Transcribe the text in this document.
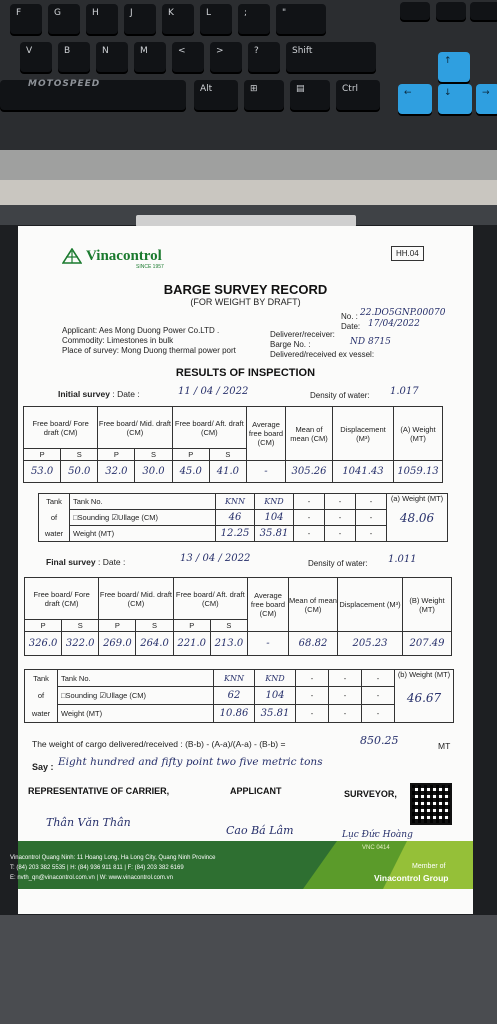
F	G	H	J	K	L	;	"
V	B	N	M	<	>	?	Shift
↑
MOTOSPEED	Alt	⊞	▤	Ctrl	←	↓	→
Vinacontrol
SINCE 1957
HH.04
BARGE SURVEY RECORD
(FOR WEIGHT BY DRAFT)
No. : 22.DO5GNP.00070
Date: 17/04/2022
Applicant: Aes Mong Duong Power Co.LTD .
Commodity: Limestones in bulk
Place of survey: Mong Duong thermal power port
Deliverer/receiver:
Barge No. :	ND 8715
Delivered/received ex vessel:
RESULTS OF INSPECTION
Initial survey : Date :	11 / 04 / 2022	Density of water: 1.017
Free board/ Fore draft (CM)		Free board/ Mid. draft (CM)		Free board/ Aft. draft (CM)		Average free board (CM)	Mean of mean (CM)	Displacement (M³)	(A) Weight (MT)
P	S	P	S	P	S				
53.0	50.0	32.0	30.0	45.0	41.0	-	305.26	1041.43	1059.13
Tank	Tank No.	KNN	KND	-	-	-	(a) Weight (MT)
48.06

of	□Sounding ☑Ullage (CM)	46	104	-	-	-	
water	Weight (MT)	12.25	35.81	-	-	-	
Final survey : Date :	13 / 04 / 2022	Density of water: 1.011
Free board/ Fore draft (CM)		Free board/ Mid. draft (CM)		Free board/ Aft. draft (CM)		Average free board (CM)	Mean of mean (CM)	Displacement (M³)	(B) Weight (MT)
P	S	P	S	P	S				
326.0	322.0	269.0	264.0	221.0	213.0	-	68.82	205.23	207.49
Tank	Tank No.	KNN	KND	-	-	-	(b) Weight (MT)
46.67

of	□Sounding ☑Ullage (CM)	62	104	-	-	-	
water	Weight (MT)	10.86	35.81	-	-	-	
The weight of cargo delivered/received : (B-b) - (A-a)/(A-a) - (B-b) =	850.25	MT
Say : Eight hundred and fifty point two five metric tons
REPRESENTATIVE OF CARRIER,	APPLICANT	SURVEYOR,
Thân Văn Thân
Cao Bá Lâm	Lục Đức Hoàng
Vinacontrol Quang Ninh: 11 Hoang Long, Ha Long City, Quang Ninh Province
T: (84) 203 382 5535 | H: (84) 936 911 811 | F: (84) 203 382 6169
E: nvth_qn@vinacontrol.com.vn | W: www.vinacontrol.com.vn
VNC 0414
Member of
Vinacontrol Group
